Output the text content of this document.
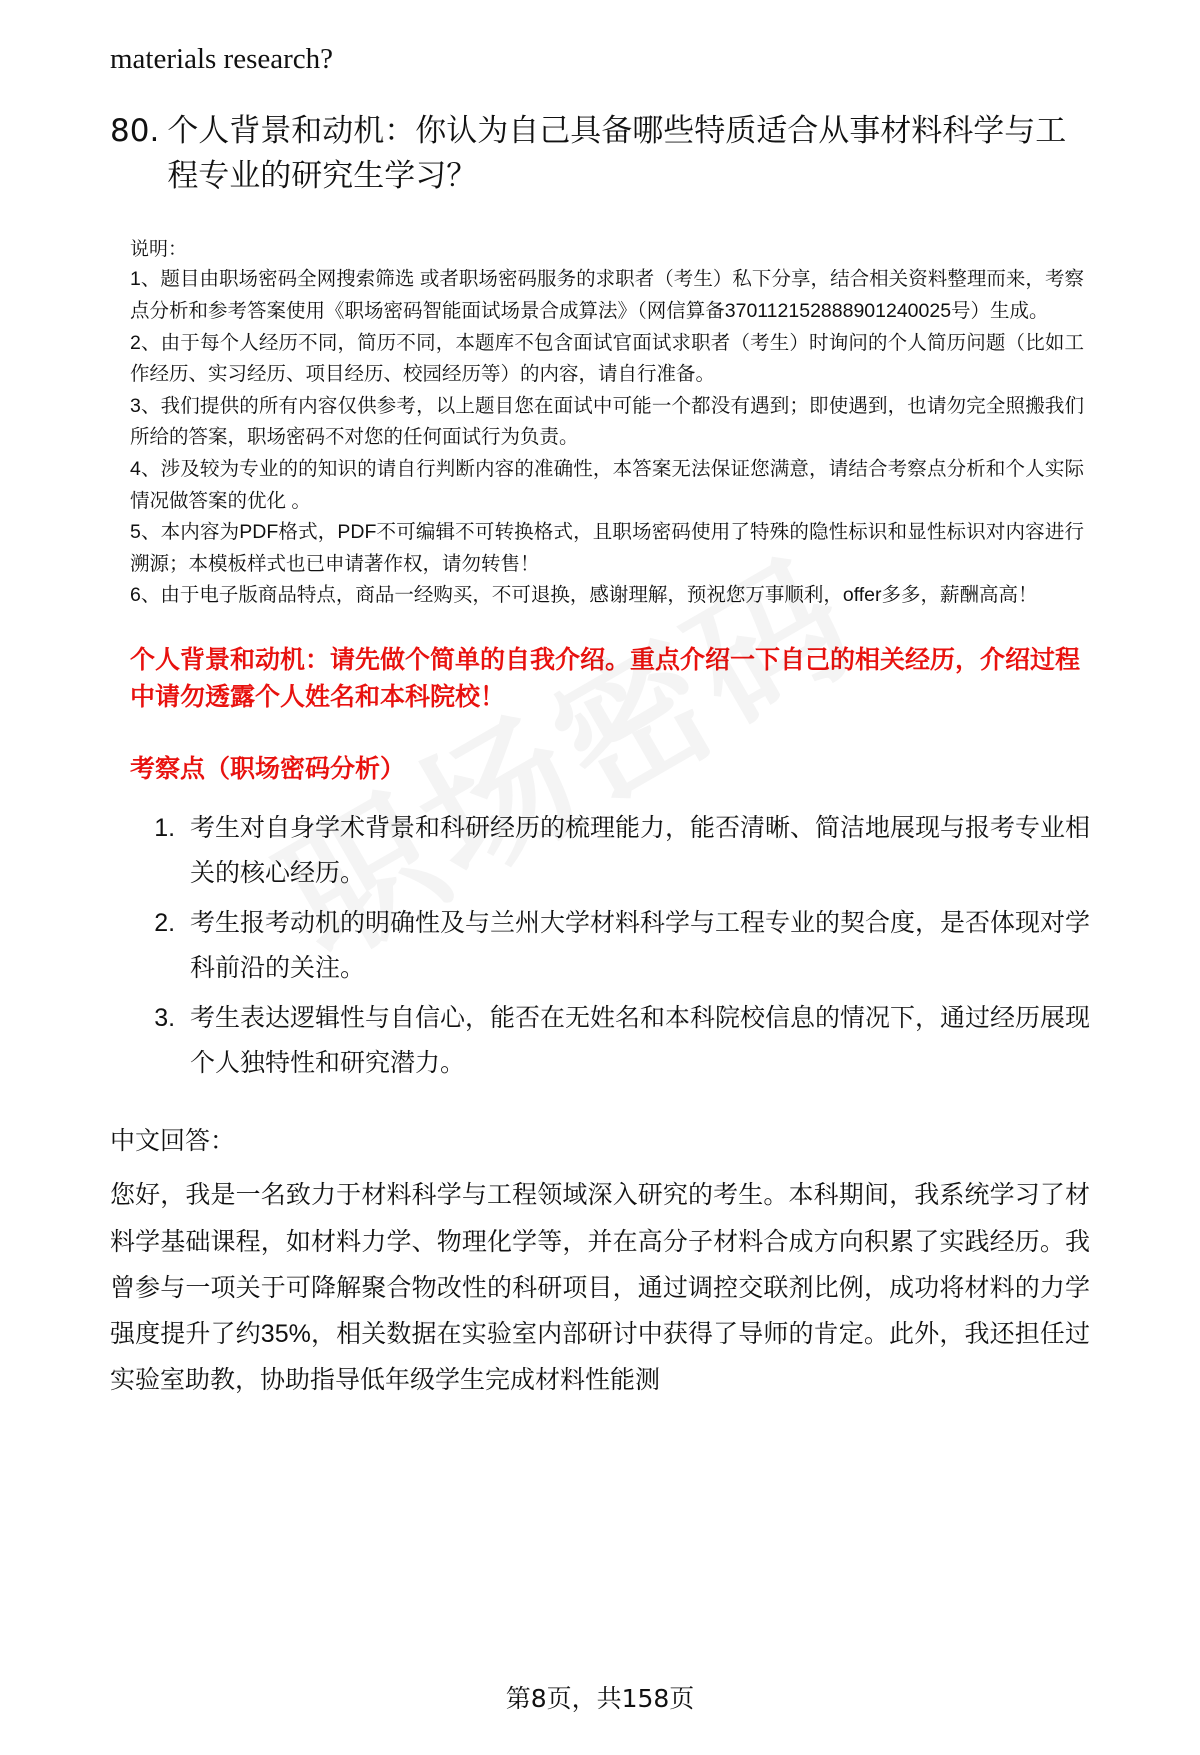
materials research?
80. 个人背景和动机：你认为自己具备哪些特质适合从事材料科学与工程专业的研究生学习？
说明：

1、题目由职场密码全网搜索筛选 或者职场密码服务的求职者（考生）私下分享，结合相关资料整理而来，考察点分析和参考答案使用《职场密码智能面试场景合成算法》（网信算备370112152888901240025号）生成。

2、由于每个人经历不同，简历不同，本题库不包含面试官面试求职者（考生）时询问的个人简历问题（比如工作经历、实习经历、项目经历、校园经历等）的内容，请自行准备。

3、我们提供的所有内容仅供参考，以上题目您在面试中可能一个都没有遇到；即使遇到，也请勿完全照搬我们所给的答案，职场密码不对您的任何面试行为负责。

4、涉及较为专业的的知识的请自行判断内容的准确性，本答案无法保证您满意，请结合考察点分析和个人实际情况做答案的优化 。

5、本内容为PDF格式，PDF不可编辑不可转换格式，且职场密码使用了特殊的隐性标识和显性标识对内容进行溯源；本模板样式也已申请著作权，请勿转售！

6、由于电子版商品特点，商品一经购买，不可退换，感谢理解，预祝您万事顺利，offer多多，薪酬高高！

个人背景和动机：请先做个简单的自我介绍。重点介绍一下自己的相关经历，介绍过程中请勿透露个人姓名和本科院校！
考察点（职场密码分析）
1. 考生对自身学术背景和科研经历的梳理能力，能否清晰、简洁地展现与报考专业相关的核心经历。
2. 考生报考动机的明确性及与兰州大学材料科学与工程专业的契合度，是否体现对学科前沿的关注。
3. 考生表达逻辑性与自信心，能否在无姓名和本科院校信息的情况下，通过经历展现个人独特性和研究潜力。
中文回答：

您好，我是一名致力于材料科学与工程领域深入研究的考生。本科期间，我系统学习了材料学基础课程，如材料力学、物理化学等，并在高分子材料合成方向积累了实践经历。我曾参与一项关于可降解聚合物改性的科研项目，通过调控交联剂比例，成功将材料的力学强度提升了约35%，相关数据在实验室内部研讨中获得了导师的肯定。此外，我还担任过实验室助教，协助指导低年级学生完成材料性能测

第8页，共158页
